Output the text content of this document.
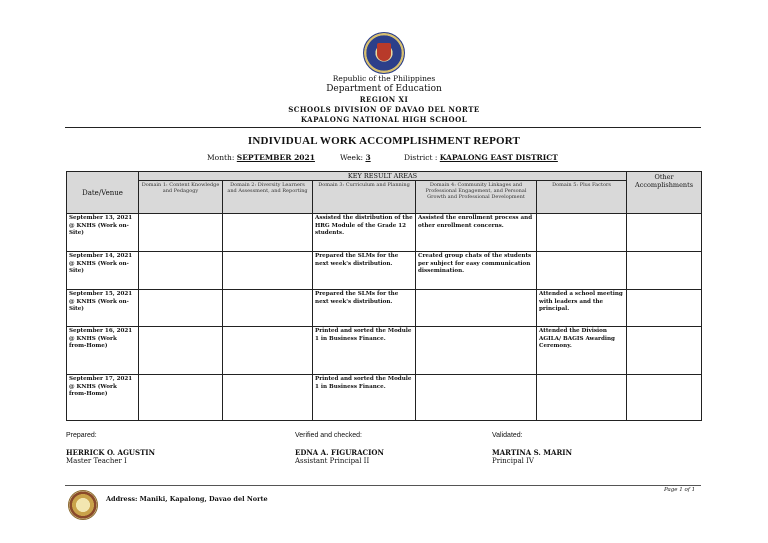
Republic of the Philippines
Department of Education
REGION XI
SCHOOLS DIVISION OF DAVAO DEL NORTE
KAPALONG NATIONAL HIGH SCHOOL
INDIVIDUAL WORK ACCOMPLISHMENT REPORT
Month: SEPTEMBER 2021	Week: 3	District : KAPALONG EAST DISTRICT
Date/Venue	KEY RESULT AREAS					Other Accomplishments
	Domain 1: Content Knowledge and Pedagogy	Domain 2: Diversity Learners and Assessment, and Reporting	Domain 3: Curriculum and Planning	Domain 4: Community Linkages and Professional Engagement, and Personal Growth and Professional Development	Domain 5: Plus Factors	
September 13, 2021 @ KNHS (Work on-Site)			Assisted the distribution of the HRG Module of the Grade 12 students.	Assisted the enrollment process and other enrollment concerns.		
September 14, 2021 @ KNHS (Work on-Site)			Prepared the SLMs for the next week's distribution.	Created group chats of the students per subject for easy communication dissemination.		
September 15, 2021 @ KNHS (Work on-Site)			Prepared the SLMs for the next week's distribution.		Attended a school meeting with leaders and the principal.	
September 16, 2021 @ KNHS (Work from-Home)			Printed and sorted the Module 1 in Business Finance.		Attended the Division AGILA/ BAGIS Awarding Ceremony.	
September 17, 2021 @ KNHS (Work from-Home)			Printed and sorted the Module 1 in Business Finance.			
Prepared:
HERRICK O. AGUSTIN
Master Teacher I
Verified and checked:
EDNA A. FIGURACION
Assistant Principal II
Validated:
MARTINA S. MARIN
Principal IV
Page 1 of 1
Address: Maniki, Kapalong, Davao del Norte
